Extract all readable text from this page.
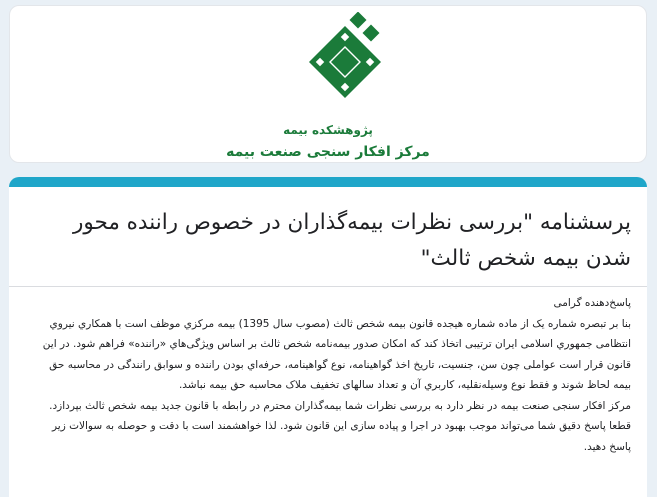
پژوهشکده بیمه
مرکز افکار سنجی صنعت بیمه
پرسشنامه "بررسی نظرات بیمه‌گذاران در خصوص راننده محور شدن بیمه شخص ثالث"

پاسخ‌دهنده گرامی

بنا بر تبصره شماره یک از ماده شماره هیجده قانون بیمه شخص ثالث (مصوب سال 1395) بیمه مرکزي موظف است با همکاري نیروي انتظامی جمهوري اسلامی ایران ترتیبی اتخاذ کند که امکان صدور بیمه‌نامه شخص ثالث بر اساس ویژگی‌هاي «راننده» فراهم شود. در این قانون قرار است عواملی چون سن، جنسیت، تاریخ اخذ گواهینامه، نوع گواهینامه، حرفه‌اي بودن راننده و سوابق رانندگی در محاسبه حق بیمه لحاظ شوند و فقط نوع وسیله‌نقلیه، کاربري آن و تعداد سالهای تخفیف ملاک محاسبه حق بیمه نباشد.

مرکز افکار سنجی صنعت بیمه در نظر دارد به بررسی نظرات شما بیمه‌گذاران محترم در رابطه با قانون جدید بیمه شخص ثالث بپردازد. قطعا پاسخ دقیق شما می‌تواند موجب بهبود در اجرا و پیاده سازی این قانون شود. لذا خواهشمند است با دقت و حوصله به سوالات زیر پاسخ دهید.
